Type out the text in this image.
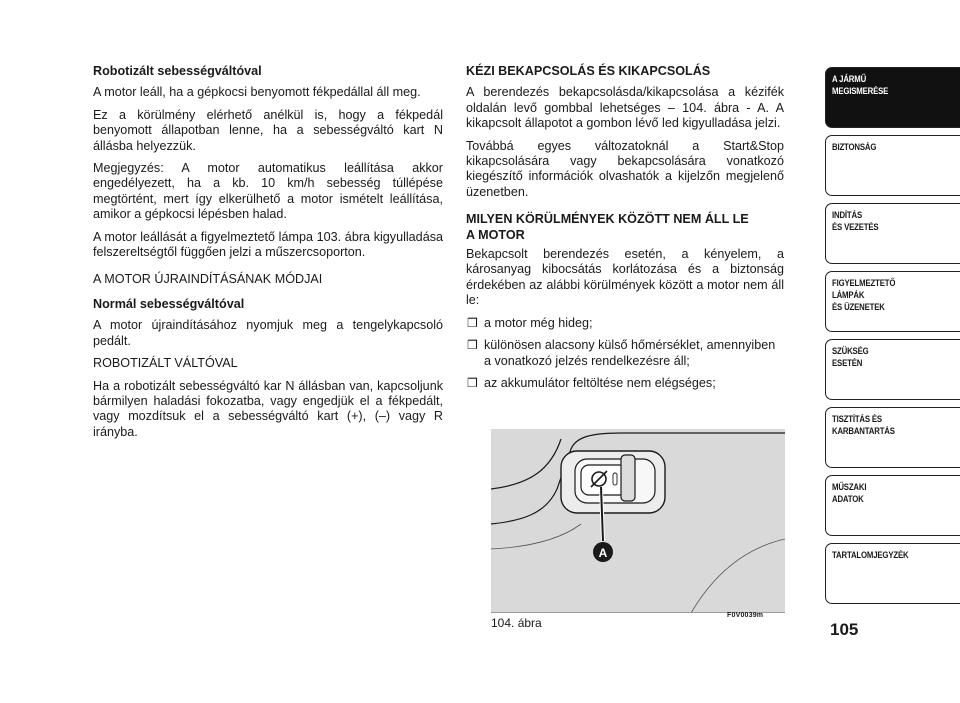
Robotizált sebességváltóval

A motor leáll, ha a gépkocsi benyomott fékpedállal áll meg.

Ez a körülmény elérhető anélkül is, hogy a fékpedál benyomott állapotban lenne, ha a sebességváltó kart N állásba helyezzük.

Megjegyzés: A motor automatikus leállítása akkor engedélyezett, ha a kb. 10 km/h sebesség túllépése megtörtént, mert így elkerülhető a motor ismételt leállítása, amikor a gépkocsi lépésben halad.

A motor leállását a figyelmeztető lámpa 103. ábra kigyulladása felszereltségtől függően jelzi a műszercsoporton.

A MOTOR ÚJRAINDÍTÁSÁNAK MÓDJAI

Normál sebességváltóval

A motor újraindításához nyomjuk meg a tengelykapcsoló pedált.

ROBOTIZÁLT VÁLTÓVAL

Ha a robotizált sebességváltó kar N állásban van, kapcsoljunk bármilyen haladási fokozatba, vagy engedjük el a fékpedált, vagy mozdítsuk el a sebességváltó kart (+), (–) vagy R irányba.

KÉZI BEKAPCSOLÁS ÉS KIKAPCSOLÁS

A berendezés bekapcsolásda/kikapcsolása a kézifék oldalán levő gombbal lehetséges – 104. ábra - A. A kikapcsolt állapotot a gombon lévő led kigyulladása jelzi.

Továbbá egyes változatoknál a Start&Stop kikapcsolására vagy bekapcsolására vonatkozó kiegészítő információk olvashatók a kijelzőn megjelenő üzenetben.

MILYEN KÖRÜLMÉNYEK KÖZÖTT NEM ÁLL LE
A MOTOR

Bekapcsolt berendezés esetén, a kényelem, a károsanyag kibocsátás korlátozása és a biztonság érdekében az alábbi körülmények között a motor nem áll le:

❒ a motor még hideg;
❒ különösen alacsony külső hőmérséklet, amennyiben a vonatkozó jelzés rendelkezésre áll;
❒ az akkumulátor feltöltése nem elégséges;
A
F0V0039m
104. ábra
A JÁRMŰ
MEGISMERÉSE
BIZTONSÁG
INDÍTÁS
ÉS VEZETÉS
FIGYELMEZTETŐ
LÁMPÁK
ÉS ÜZENETEK
SZÜKSÉG
ESETÉN
TISZTÍTÁS ÉS
KARBANTARTÁS
MŰSZAKI
ADATOK
TARTALOMJEGYZÉK
105
